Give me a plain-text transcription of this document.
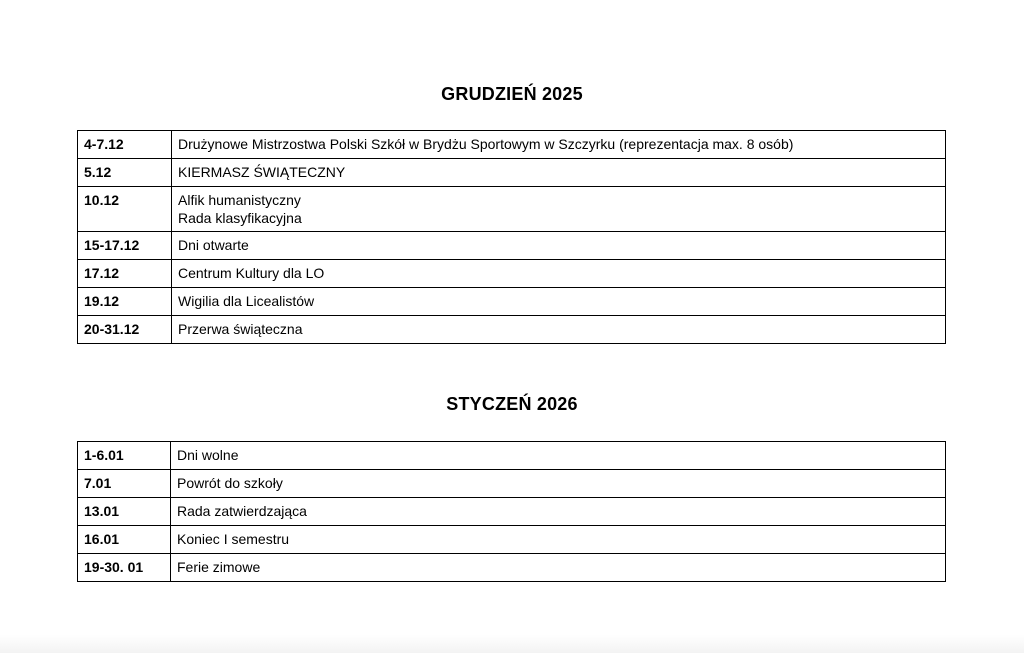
GRUDZIEŃ 2025
4-7.12	Drużynowe Mistrzostwa Polski Szkół w Brydżu Sportowym w Szczyrku (reprezentacja max. 8 osób)

5.12	KIERMASZ ŚWIĄTECZNY

10.12	Alfik humanistyczny
Rada klasyfikacyjna

15-17.12	Dni otwarte

17.12	Centrum Kultury dla LO

19.12	Wigilia dla Licealistów

20-31.12	Przerwa świąteczna
STYCZEŃ 2026
1-6.01	Dni wolne

7.01	Powrót do szkoły

13.01	Rada zatwierdzająca

16.01	Koniec I semestru

19-30. 01	Ferie zimowe
